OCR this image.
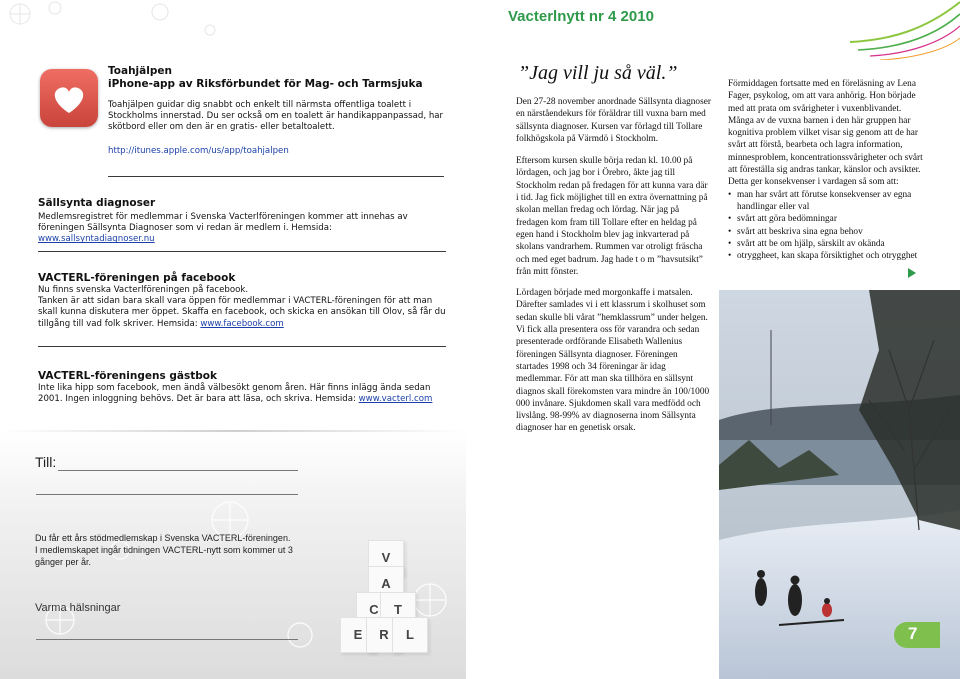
Toahjälpen
iPhone-app av Riksförbundet för Mag- och Tarmsjuka
Toahjälpen guidar dig snabbt och enkelt till närmsta offentliga toalett i Stockholms innerstad. Du ser också om en toalett är handikappanpassad, har skötbord eller om den är en gratis- eller betaltoalett.
http://itunes.apple.com/us/app/toahjalpen
Sällsynta diagnoser
Medlemsregistret för medlemmar i Svenska Vacterlföreningen kommer att innehas av föreningen Sällsynta Diagnoser som vi redan är medlem i. Hemsida: www.sallsyntadiagnoser.nu
VACTERL-föreningen på facebook
Nu finns svenska Vacterlföreningen på facebook.
Tanken är att sidan bara skall vara öppen för medlemmar i VACTERL-föreningen för att man skall kunna diskutera mer öppet. Skaffa en facebook, och skicka en ansökan till Olov, så får du tillgång till vad folk skriver. Hemsida: www.facebook.com
VACTERL-föreningens gästbok
Inte lika hipp som facebook, men ändå välbesökt genom åren. Här finns inlägg ända sedan 2001. Ingen inloggning behövs. Det är bara att läsa, och skriva. Hemsida: www.vacterl.com
Till:
Du får ett års stödmedlemskap i Svenska VACTERL-föreningen.
I medlemskapet ingår tidningen VACTERL-nytt som kommer ut 3 gånger per år.
Varma hälsningar
V
A
C	T
E	R	L
Vacterlnytt nr 4 2010
”Jag vill ju så väl.”
Den 27-28 november anordnade Sällsynta diagnoser en närståendekurs för föräldrar till vuxna barn med sällsynta diagnoser. Kursen var förlagd till Tollare folkhögskola på Värmdö i Stockholm.
Eftersom kursen skulle börja redan kl. 10.00 på lördagen, och jag bor i Örebro, åkte jag till Stockholm redan på fredagen för att kunna vara där i tid. Jag fick möjlighet till en extra övernattning på skolan mellan fredag och lördag. När jag på fredagen kom fram till Tollare efter en heldag på egen hand i Stockholm blev jag inkvarterad på skolans vandrarhem. Rummen var otroligt fräscha och med eget badrum. Jag hade t o m ”havsutsikt” från mitt fönster.
Lördagen började med morgonkaffe i matsalen. Därefter samlades vi i ett klassrum i skolhuset som sedan skulle bli vårat ”hemklassrum” under helgen. Vi fick alla presentera oss för varandra och sedan presenterade ordförande Elisabeth Wallenius föreningen Sällsynta diagnoser. Föreningen startades 1998 och 34 föreningar är idag medlemmar. För att man ska tillhöra en sällsynt diagnos skall förekomsten vara mindre än 100/1000 000 invånare. Sjukdomen skall vara medfödd och livslång. 98-99% av diagnoserna inom Sällsynta diagnoser har en genetisk orsak.
Förmiddagen fortsatte med en föreläsning av Lena Fager, psykolog, om att vara anhörig. Hon började med att prata om svårigheter i vuxenblivandet. Många av de vuxna barnen i den här gruppen har kognitiva problem vilket visar sig genom att de har svårt att förstå, bearbeta och lagra information, minnesproblem, koncentrationssvårigheter och svårt att föreställa sig andras tankar, känslor och avsikter. Detta ger konsekvenser i vardagen så som att:
• man har svårt att förutse konsekvenser av egna handlingar eller val
• svårt att göra bedömningar
• svårt att beskriva sina egna behov
• svårt att be om hjälp, särskilt av okända
• otryggheet, kan skapa försiktighet och otrygghet
7
